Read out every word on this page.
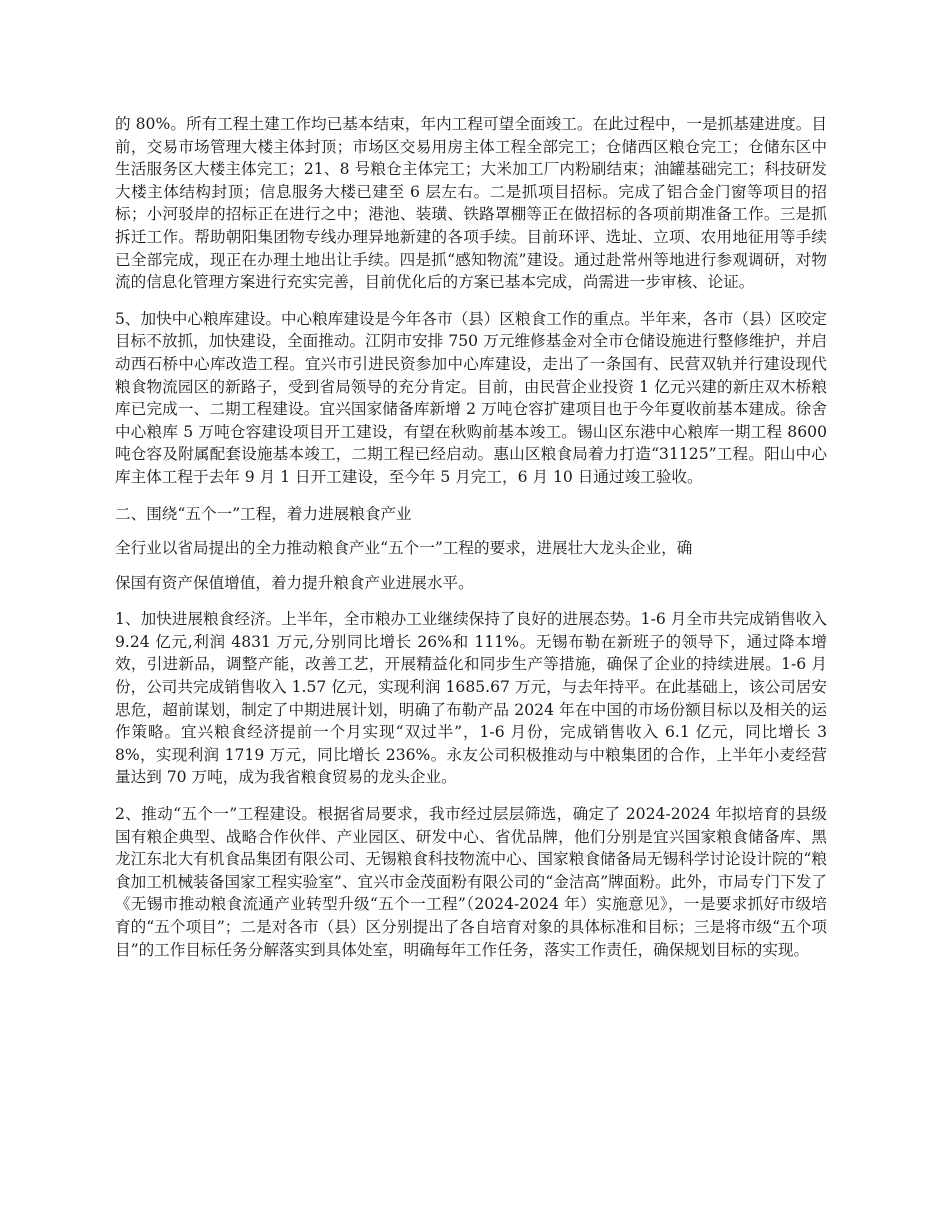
的 80%。所有工程土建工作均已基本结束，年内工程可望全面竣工。在此过程中，一是抓基建进度。目前，交易市场管理大楼主体封顶；市场区交易用房主体工程全部完工；仓储西区粮仓完工；仓储东区中生活服务区大楼主体完工；21、8 号粮仓主体完工；大米加工厂内粉刷结束；油罐基础完工；科技研发大楼主体结构封顶；信息服务大楼已建至 6 层左右。二是抓项目招标。完成了铝合金门窗等项目的招标；小河驳岸的招标正在进行之中；港池、装璜、铁路罩棚等正在做招标的各项前期准备工作。三是抓拆迁工作。帮助朝阳集团物专线办理异地新建的各项手续。目前环评、选址、立项、农用地征用等手续已全部完成，现正在办理土地出让手续。四是抓“感知物流”建设。通过赴常州等地进行参观调研，对物流的信息化管理方案进行充实完善，目前优化后的方案已基本完成，尚需进一步审核、论证。

5、加快中心粮库建设。中心粮库建设是今年各市（县）区粮食工作的重点。半年来，各市（县）区咬定目标不放抓，加快建设，全面推动。江阴市安排 750 万元维修基金对全市仓储设施进行整修维护，并启动西石桥中心库改造工程。宜兴市引进民资参加中心库建设，走出了一条国有、民营双轨并行建设现代粮食物流园区的新路子，受到省局领导的充分肯定。目前，由民营企业投资 1 亿元兴建的新庄双木桥粮库已完成一、二期工程建设。宜兴国家储备库新增 2 万吨仓容扩建项目也于今年夏收前基本建成。徐舍中心粮库 5 万吨仓容建设项目开工建设，有望在秋购前基本竣工。锡山区东港中心粮库一期工程 8600 吨仓容及附属配套设施基本竣工，二期工程已经启动。惠山区粮食局着力打造“31125”工程。阳山中心库主体工程于去年 9 月 1 日开工建设，至今年 5 月完工，6 月 10 日通过竣工验收。

二、围绕“五个一”工程，着力进展粮食产业

全行业以省局提出的全力推动粮食产业“五个一”工程的要求，进展壮大龙头企业，确

保国有资产保值增值，着力提升粮食产业进展水平。

1、加快进展粮食经济。上半年，全市粮办工业继续保持了良好的进展态势。1-6 月全市共完成销售收入 9.24 亿元,利润 4831 万元,分别同比增长 26%和 111%。无锡布勒在新班子的领导下，通过降本增效，引进新品，调整产能，改善工艺，开展精益化和同步生产等措施，确保了企业的持续进展。1-6 月份，公司共完成销售收入 1.57 亿元，实现利润 1685.67 万元，与去年持平。在此基础上，该公司居安思危，超前谋划，制定了中期进展计划，明确了布勒产品 2024 年在中国的市场份额目标以及相关的运作策略。宜兴粮食经济提前一个月实现“双过半”，1-6 月份，完成销售收入 6.1 亿元，同比增长 38%，实现利润 1719 万元，同比增长 236%。永友公司积极推动与中粮集团的合作，上半年小麦经营量达到 70 万吨，成为我省粮食贸易的龙头企业。

2、推动“五个一”工程建设。根据省局要求，我市经过层层筛选，确定了 2024-2024 年拟培育的县级国有粮企典型、战略合作伙伴、产业园区、研发中心、省优品牌，他们分别是宜兴国家粮食储备库、黑龙江东北大有机食品集团有限公司、无锡粮食科技物流中心、国家粮食储备局无锡科学讨论设计院的“粮食加工机械装备国家工程实验室”、宜兴市金茂面粉有限公司的“金洁高”牌面粉。此外，市局专门下发了《无锡市推动粮食流通产业转型升级“五个一工程”（2024-2024 年）实施意见》，一是要求抓好市级培育的“五个项目”；二是对各市（县）区分别提出了各自培育对象的具体标准和目标；三是将市级“五个项目”的工作目标任务分解落实到具体处室，明确每年工作任务，落实工作责任，确保规划目标的实现。
